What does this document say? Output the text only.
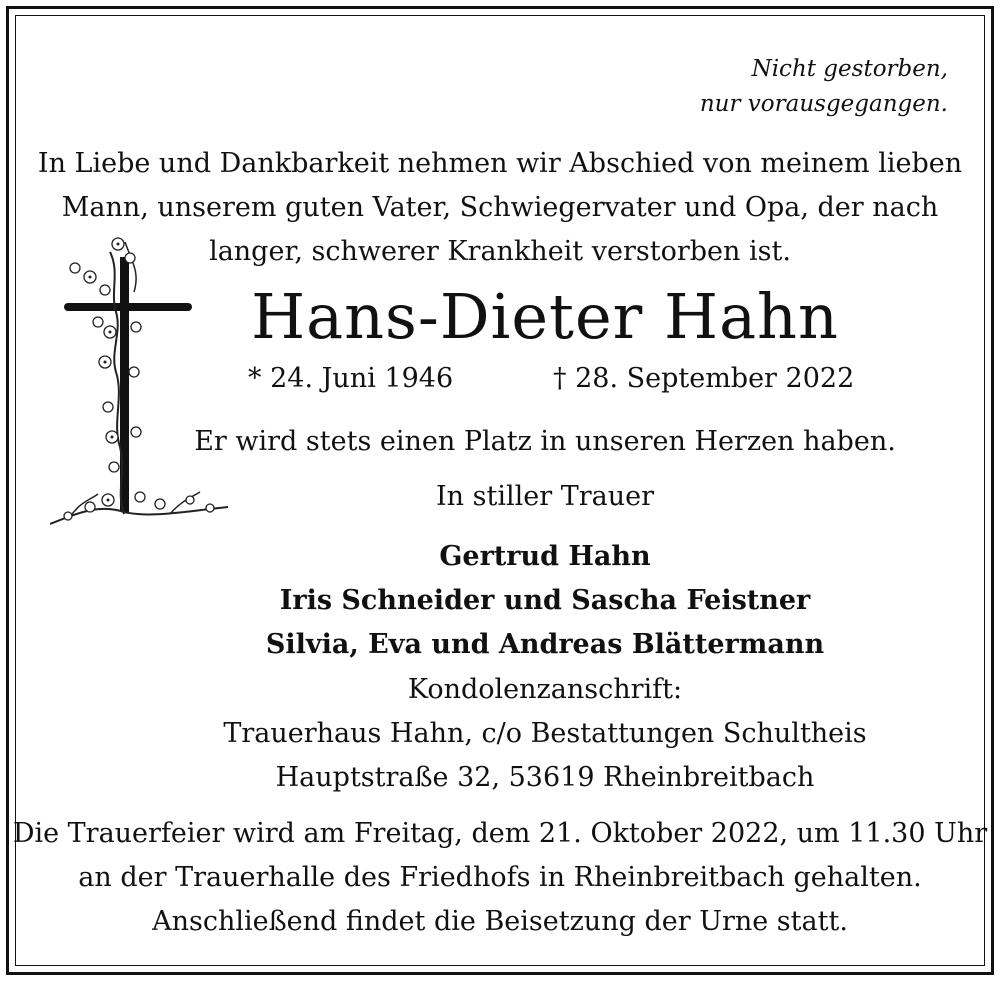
Nicht gestorben,
nur vorausgegangen.
In Liebe und Dankbarkeit nehmen wir Abschied von meinem lieben
Mann, unserem guten Vater, Schwiegervater und Opa, der nach
langer, schwerer Krankheit verstorben ist.
Hans-Dieter Hahn
* 24. Juni 1946	† 28. September 2022
Er wird stets einen Platz in unseren Herzen haben.
In stiller Trauer
Gertrud Hahn
Iris Schneider und Sascha Feistner
Silvia, Eva und Andreas Blättermann
Kondolenzanschrift:
Trauerhaus Hahn, c/o Bestattungen Schultheis
Hauptstraße 32, 53619 Rheinbreitbach
Die Trauerfeier wird am Freitag, dem 21. Oktober 2022, um 11.30 Uhr
an der Trauerhalle des Friedhofs in Rheinbreitbach gehalten.
Anschließend findet die Beisetzung der Urne statt.
